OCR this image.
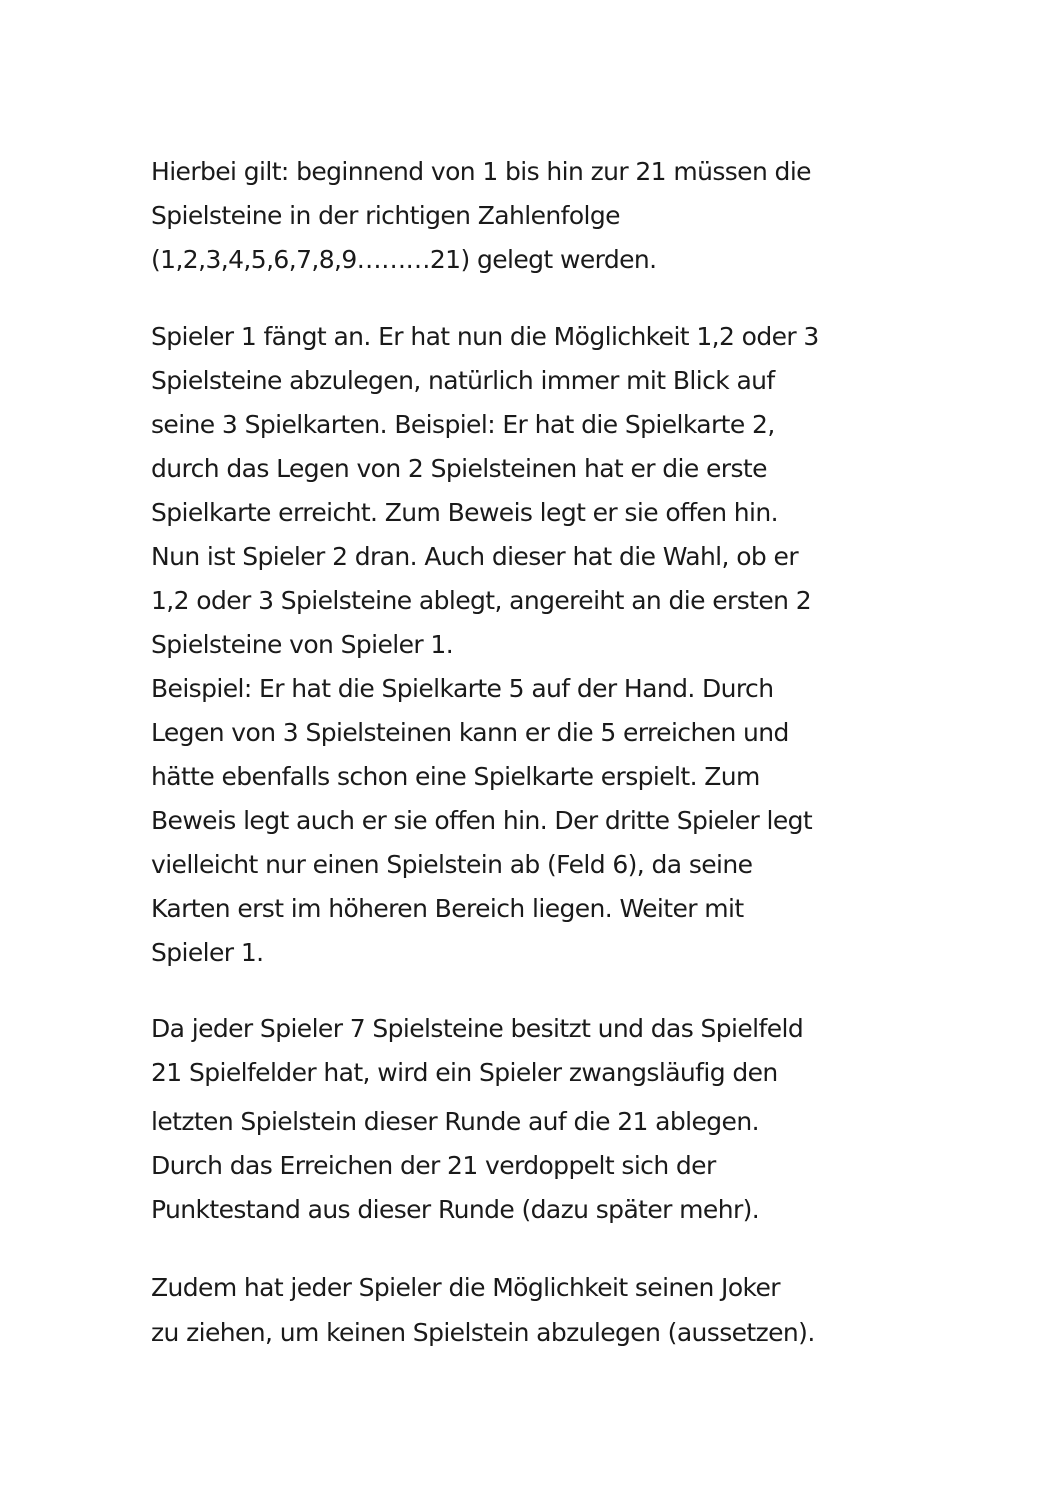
Hierbei gilt: beginnend von 1 bis hin zur 21 müssen die

Spielsteine in der richtigen Zahlenfolge

(1,2,3,4,5,6,7,8,9………21) gelegt werden.

Spieler 1 fängt an. Er hat nun die Möglichkeit 1,2 oder 3

Spielsteine abzulegen, natürlich immer mit Blick auf

seine 3 Spielkarten. Beispiel: Er hat die Spielkarte 2,

durch das Legen von 2 Spielsteinen hat er die erste

Spielkarte erreicht. Zum Beweis legt er sie offen hin.

Nun ist Spieler 2 dran. Auch dieser hat die Wahl, ob er

1,2 oder 3 Spielsteine ablegt, angereiht an die ersten 2

Spielsteine von Spieler 1.

Beispiel: Er hat die Spielkarte 5 auf der Hand. Durch

Legen von 3 Spielsteinen kann er die 5 erreichen und

hätte ebenfalls schon eine Spielkarte erspielt. Zum

Beweis legt auch er sie offen hin. Der dritte Spieler legt

vielleicht nur einen Spielstein ab (Feld 6), da seine

Karten erst im höheren Bereich liegen. Weiter mit

Spieler 1.

Da jeder Spieler 7 Spielsteine besitzt und das Spielfeld

21 Spielfelder hat, wird ein Spieler zwangsläufig den

letzten Spielstein dieser Runde auf die 21 ablegen.

Durch das Erreichen der 21 verdoppelt sich der

Punktestand aus dieser Runde (dazu später mehr).

Zudem hat jeder Spieler die Möglichkeit seinen Joker

zu ziehen, um keinen Spielstein abzulegen (aussetzen).
